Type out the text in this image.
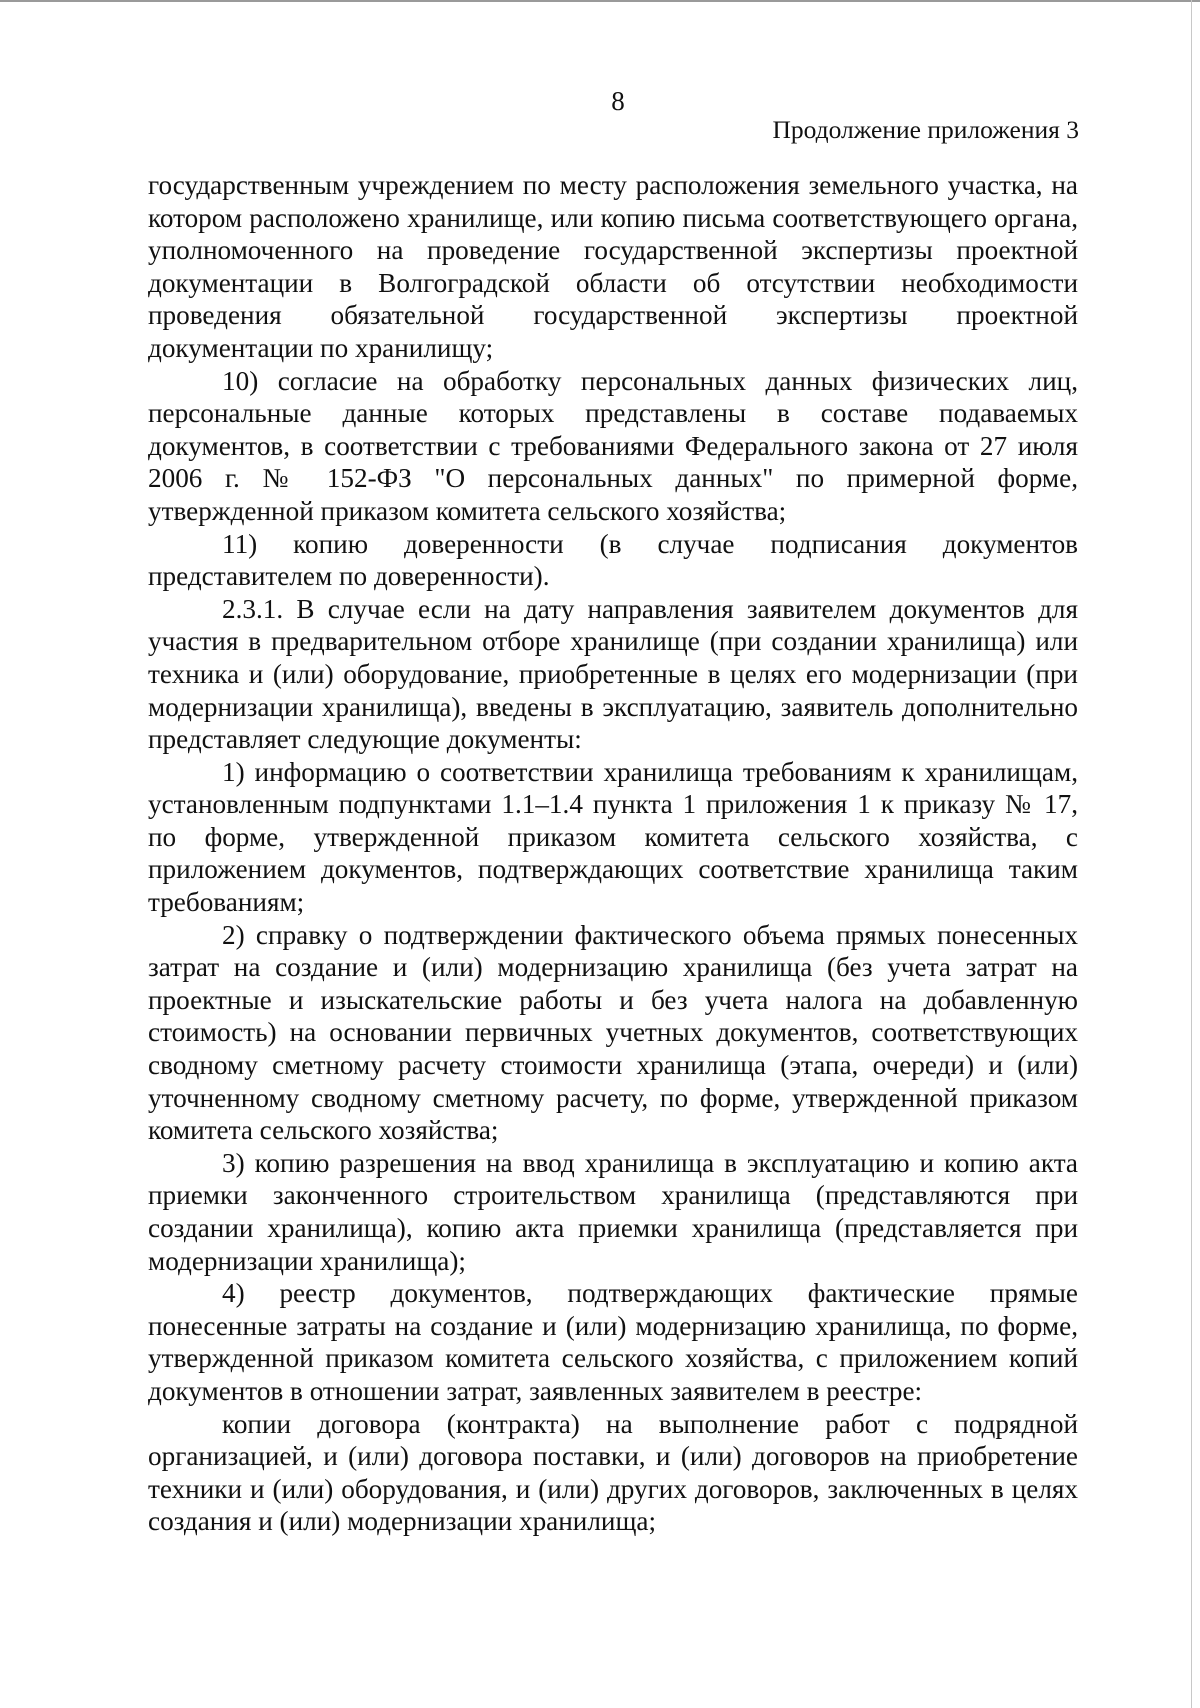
8
Продолжение приложения 3

государственным учреждением по месту расположения земельного участка, на котором расположено хранилище, или копию письма соответствующего органа, уполномоченного на проведение государственной экспертизы проектной документации в Волгоградской области об отсутствии необходимости проведения обязательной государственной экспертизы проектной документации по хранилищу;

10) согласие на обработку персональных данных физических лиц, персональные данные которых представлены в составе подаваемых документов, в соответствии с требованиями Федерального закона от 27 июля 2006 г. № 152-ФЗ "О персональных данных" по примерной форме, утвержденной приказом комитета сельского хозяйства;

11) копию доверенности (в случае подписания документов представителем по доверенности).

2.3.1. В случае если на дату направления заявителем документов для участия в предварительном отборе хранилище (при создании хранилища) или техника и (или) оборудование, приобретенные в целях его модернизации (при модернизации хранилища), введены в эксплуатацию, заявитель дополнительно представляет следующие документы:

1) информацию о соответствии хранилища требованиям к хранилищам, установленным подпунктами 1.1–1.4 пункта 1 приложения 1 к приказу № 17, по форме, утвержденной приказом комитета сельского хозяйства, с приложением документов, подтверждающих соответствие хранилища таким требованиям;

2) справку о подтверждении фактического объема прямых понесенных затрат на создание и (или) модернизацию хранилища (без учета затрат на проектные и изыскательские работы и без учета налога на добавленную стоимость) на основании первичных учетных документов, соответствующих сводному сметному расчету стоимости хранилища (этапа, очереди) и (или) уточненному сводному сметному расчету, по форме, утвержденной приказом комитета сельского хозяйства;

3) копию разрешения на ввод хранилища в эксплуатацию и копию акта приемки законченного строительством хранилища (представляются при создании хранилища), копию акта приемки хранилища (представляется при модернизации хранилища);

4) реестр документов, подтверждающих фактические прямые понесенные затраты на создание и (или) модернизацию хранилища, по форме, утвержденной приказом комитета сельского хозяйства, с приложением копий документов в отношении затрат, заявленных заявителем в реестре:

копии договора (контракта) на выполнение работ с подрядной организацией, и (или) договора поставки, и (или) договоров на приобретение техники и (или) оборудования, и (или) других договоров, заключенных в целях создания и (или) модернизации хранилища;
